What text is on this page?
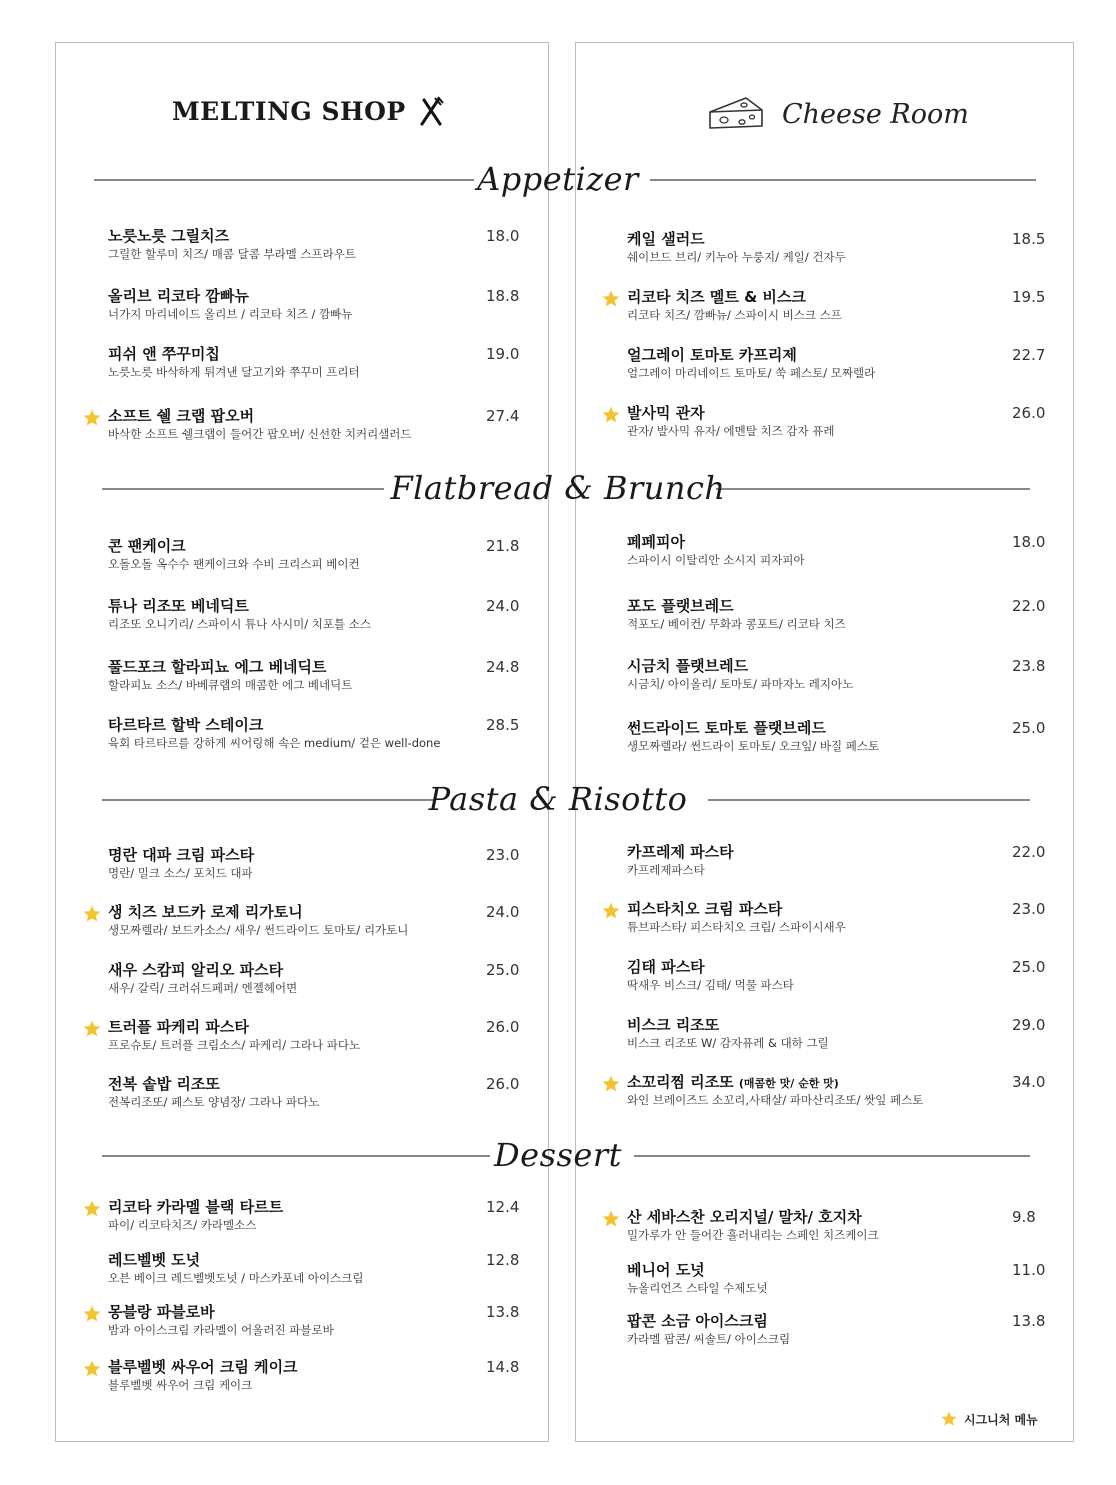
MELTING SHOP	Cheese Room
Appetizer
Flatbread & Brunch
Pasta & Risotto
Dessert
노릇노릇 그릴치즈
그릴한 할루미 치즈/ 매콤 달콤 부라멜 스프라우트
18.0
올리브 리코타 깜빠뉴
너가지 마리네이드 올리브 / 리코타 치즈 / 깜빠뉴
18.8
피쉬 앤 쭈꾸미칩
노릇노릇 바삭하게 튀겨낸 달고기와 쭈꾸미 프리터
19.0
소프트 쉘 크랩 팝오버
바삭한 소프트 쉘크랩이 들어간 팝오버/ 신선한 치커리샐러드
27.4
케일 샐러드
쉐이브드 브리/ 키누아 누룽지/ 케일/ 건자두
18.5
리코타 치즈 멜트 & 비스크
리코타 치즈/ 깜빠뉴/ 스파이시 비스크 스프
19.5
얼그레이 토마토 카프리제
얼그레이 마리네이드 토마토/ 쑥 페스토/ 모짜렐라
22.7
발사믹 관자
관자/ 발사믹 유자/ 에멘탈 치즈 감자 퓨레
26.0
콘 팬케이크
오돌오돌 옥수수 팬케이크와 수비 크리스피 베이컨
21.8
튜나 리조또 베네딕트
리조또 오니기리/ 스파이시 튜나 사시미/ 치포틀 소스
24.0
풀드포크 할라피뇨 에그 베네딕트
할라피뇨 소스/ 바베큐랩의 매콤한 에그 베네딕트
24.8
타르타르 할박 스테이크
육회 타르타르를 강하게 씨어링해 속은 medium/ 겉은 well-done
28.5
페페피아
스파이시 이탈리안 소시지 피자피아
18.0
포도 플랫브레드
적포도/ 베이컨/ 무화과 콩포트/ 리코타 치즈
22.0
시금치 플랫브레드
시금치/ 아이올리/ 토마토/ 파마자노 레지아노
23.8
썬드라이드 토마토 플랫브레드
생모짜렐라/ 썬드라이 토마토/ 오크잎/ 바질 페스토
25.0
명란 대파 크림 파스타
명란/ 밀크 소스/ 포치드 대파
23.0
생 치즈 보드카 로제 리가토니
생모짜렐라/ 보드카소스/ 새우/ 썬드라이드 토마토/ 리가토니
24.0
새우 스캄피 알리오 파스타
새우/ 갈릭/ 크러쉬드페퍼/ 엔젤헤어면
25.0
트러플 파케리 파스타
프로슈토/ 트러플 크림소스/ 파케리/ 그라나 파다노
26.0
전복 솥밥 리조또
전복리조또/ 페스토 양념장/ 그라나 파다노
26.0
카프레제 파스타
카프레제파스타
22.0
피스타치오 크림 파스타
튜브파스타/ 피스타치오 크림/ 스파이시새우
23.0
김태 파스타
딱새우 비스크/ 김태/ 먹물 파스타
25.0
비스크 리조또
비스크 리조또 W/ 감자퓨레 & 대하 그릴
29.0
소꼬리찜 리조또 (매콤한 맛/ 순한 맛)
와인 브레이즈드 소꼬리,사태살/ 파마산리조또/ 쌋잎 페스토
34.0
리코타 카라멜 블랙 타르트
파이/ 리코타치즈/ 카라멜소스
12.4
레드벨벳 도넛
오븐 베이크 레드벨벳도넛 / 마스카포네 아이스크림
12.8
몽블랑 파블로바
밤과 아이스크림 카라멜이 어울러진 파블로바
13.8
블루벨벳 싸우어 크림 케이크
블루벨벳 싸우어 크림 케이크
14.8
산 세바스찬 오리지널/ 말차/ 호지차
밀가루가 안 들어간 흘러내리는 스페인 치즈케이크
9.8
베니어 도넛
뉴올리언즈 스타일 수제도넛
11.0
팝콘 소금 아이스크림
카라멜 팝콘/ 씨솔트/ 아이스크림
13.8
시그니처 메뉴
